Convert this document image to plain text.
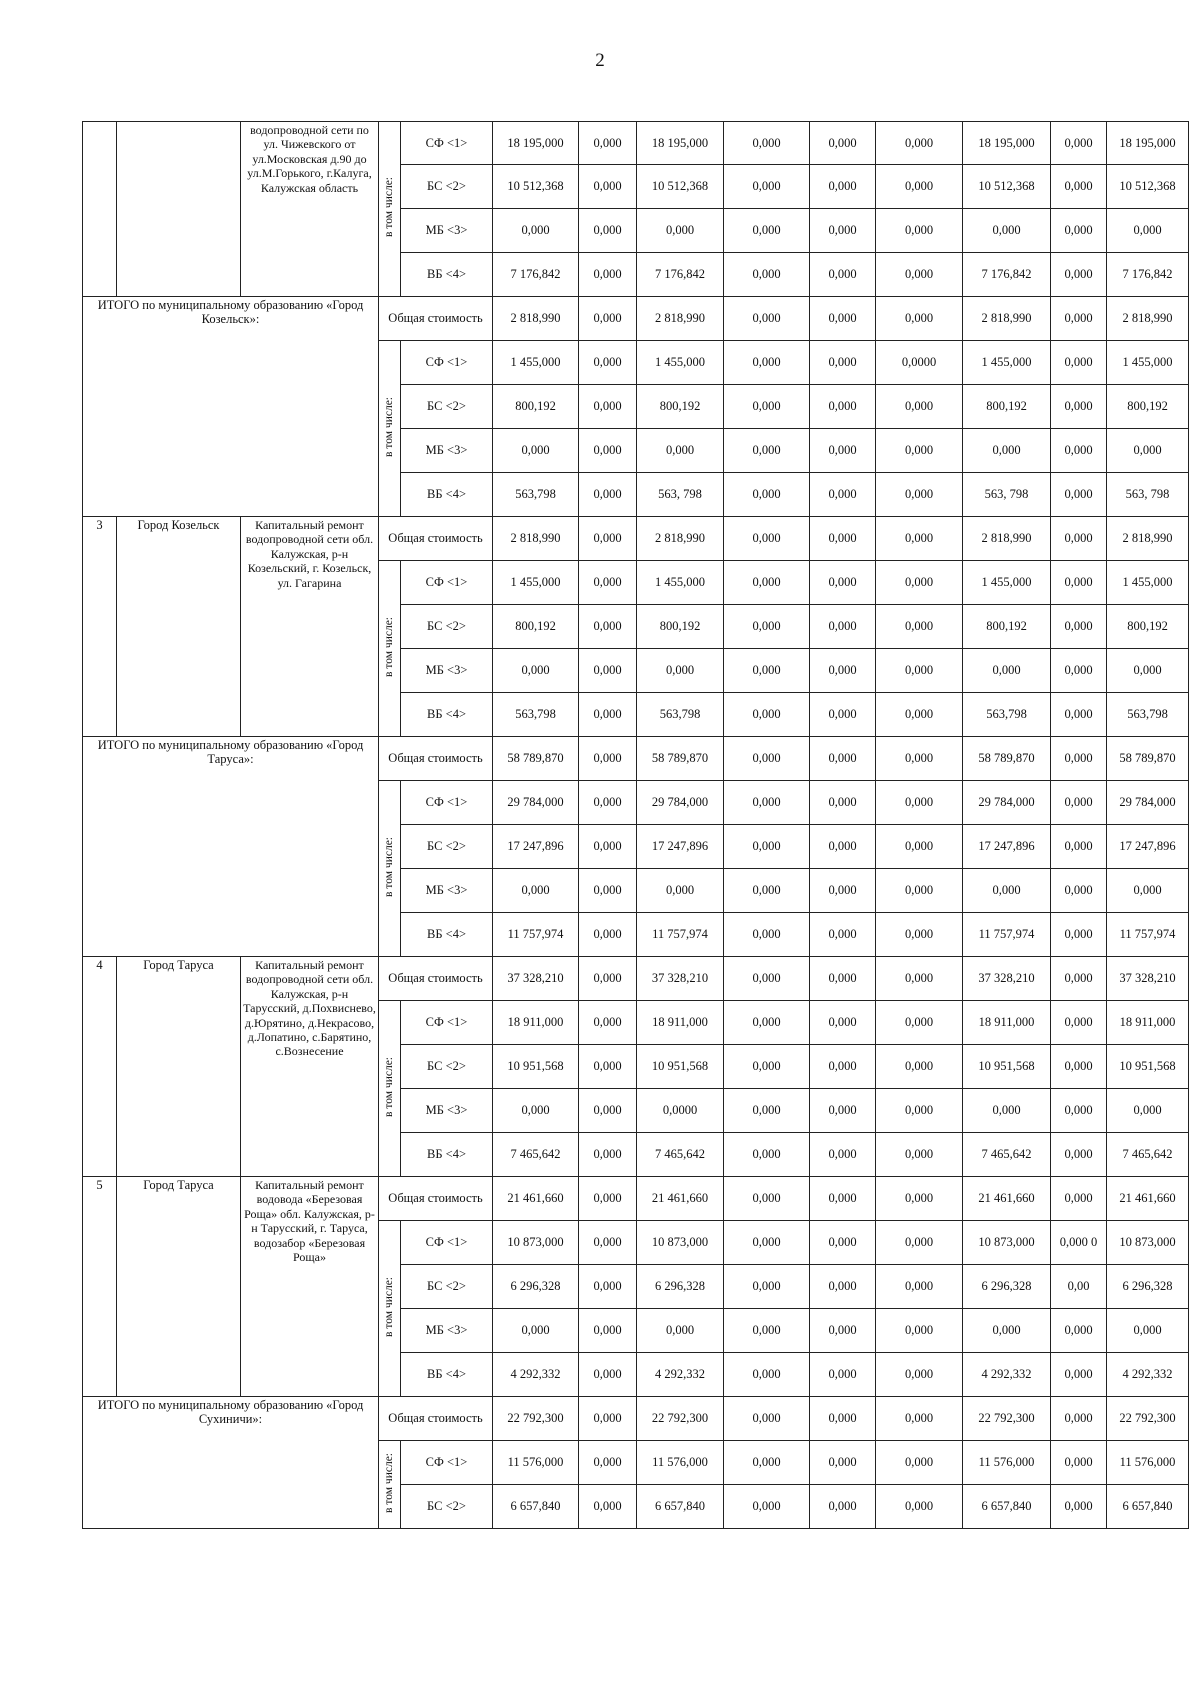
2
		водопроводной сети по ул. Чижевского от ул.Московская д.90 до ул.М.Горького, г.Калуга, Калужская область	в том числе:	СФ <1>	18 195,000	0,000	18 195,000	0,000	0,000	0,000	18 195,000	0,000	18 195,000
				БС <2>	10 512,368	0,000	10 512,368	0,000	0,000	0,000	10 512,368	0,000	10 512,368
				МБ <3>	0,000	0,000	0,000	0,000	0,000	0,000	0,000	0,000	0,000
				ВБ <4>	7 176,842	0,000	7 176,842	0,000	0,000	0,000	7 176,842	0,000	7 176,842
ИТОГО по муниципальному образованию «Город Козельск»:			Общая стоимость		2 818,990	0,000	2 818,990	0,000	0,000	0,000	2 818,990	0,000	2 818,990
			в том числе:	СФ <1>	1 455,000	0,000	1 455,000	0,000	0,000	0,0000	1 455,000	0,000	1 455,000
				БС <2>	800,192	0,000	800,192	0,000	0,000	0,000	800,192	0,000	800,192
				МБ <3>	0,000	0,000	0,000	0,000	0,000	0,000	0,000	0,000	0,000
				ВБ <4>	563,798	0,000	563, 798	0,000	0,000	0,000	563, 798	0,000	563, 798
3	Город Козельск	Капитальный ремонт водопроводной сети обл. Калужская, р-н Козельский, г. Козельск, ул. Гагарина	Общая стоимость		2 818,990	0,000	2 818,990	0,000	0,000	0,000	2 818,990	0,000	2 818,990
			в том числе:	СФ <1>	1 455,000	0,000	1 455,000	0,000	0,000	0,000	1 455,000	0,000	1 455,000
				БС <2>	800,192	0,000	800,192	0,000	0,000	0,000	800,192	0,000	800,192
				МБ <3>	0,000	0,000	0,000	0,000	0,000	0,000	0,000	0,000	0,000
				ВБ <4>	563,798	0,000	563,798	0,000	0,000	0,000	563,798	0,000	563,798
ИТОГО по муниципальному образованию «Город Таруса»:			Общая стоимость		58 789,870	0,000	58 789,870	0,000	0,000	0,000	58 789,870	0,000	58 789,870
			в том числе:	СФ <1>	29 784,000	0,000	29 784,000	0,000	0,000	0,000	29 784,000	0,000	29 784,000
				БС <2>	17 247,896	0,000	17 247,896	0,000	0,000	0,000	17 247,896	0,000	17 247,896
				МБ <3>	0,000	0,000	0,000	0,000	0,000	0,000	0,000	0,000	0,000
				ВБ <4>	11 757,974	0,000	11 757,974	0,000	0,000	0,000	11 757,974	0,000	11 757,974
4	Город Таруса	Капитальный ремонт водопроводной сети обл. Калужская, р-н Тарусский, д.Похвиснево, д.Юрятино, д.Некрасово, д.Лопатино, с.Барятино, с.Вознесение	Общая стоимость		37 328,210	0,000	37 328,210	0,000	0,000	0,000	37 328,210	0,000	37 328,210
			в том числе:	СФ <1>	18 911,000	0,000	18 911,000	0,000	0,000	0,000	18 911,000	0,000	18 911,000
				БС <2>	10 951,568	0,000	10 951,568	0,000	0,000	0,000	10 951,568	0,000	10 951,568
				МБ <3>	0,000	0,000	0,0000	0,000	0,000	0,000	0,000	0,000	0,000
				ВБ <4>	7 465,642	0,000	7 465,642	0,000	0,000	0,000	7 465,642	0,000	7 465,642
5	Город Таруса	Капитальный ремонт водовода «Березовая Роща» обл. Калужская, р-н Тарусский, г. Таруса, водозабор «Березовая Роща»	Общая стоимость		21 461,660	0,000	21 461,660	0,000	0,000	0,000	21 461,660	0,000	21 461,660
			в том числе:	СФ <1>	10 873,000	0,000	10 873,000	0,000	0,000	0,000	10 873,000	0,000 0	10 873,000
				БС <2>	6 296,328	0,000	6 296,328	0,000	0,000	0,000	6 296,328	0,00	6 296,328
				МБ <3>	0,000	0,000	0,000	0,000	0,000	0,000	0,000	0,000	0,000
				ВБ <4>	4 292,332	0,000	4 292,332	0,000	0,000	0,000	4 292,332	0,000	4 292,332
ИТОГО по муниципальному образованию «Город Сухиничи»:			Общая стоимость		22 792,300	0,000	22 792,300	0,000	0,000	0,000	22 792,300	0,000	22 792,300
			в том числе:	СФ <1>	11 576,000	0,000	11 576,000	0,000	0,000	0,000	11 576,000	0,000	11 576,000
				БС <2>	6 657,840	0,000	6 657,840	0,000	0,000	0,000	6 657,840	0,000	6 657,840
